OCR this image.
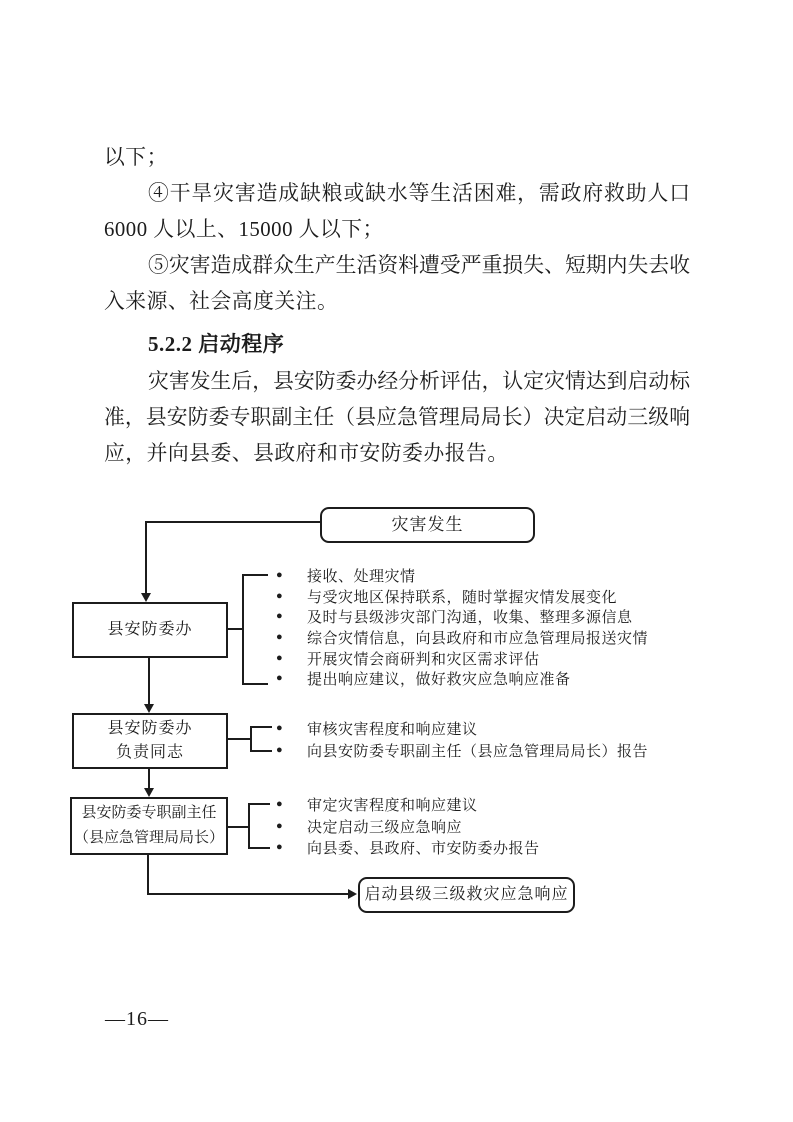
以下；
④干旱灾害造成缺粮或缺水等生活困难，需政府救助人口
6000 人以上、15000 人以下；
⑤灾害造成群众生产生活资料遭受严重损失、短期内失去收
入来源、社会高度关注。
5.2.2 启动程序
灾害发生后，县安防委办经分析评估，认定灾情达到启动标
准，县安防委专职副主任（县应急管理局局长）决定启动三级响
应，并向县委、县政府和市安防委办报告。
灾害发生
县安防委办
县安防委办
负责同志
县安防委专职副主任
（县应急管理局局长）
启动县级三级救灾应急响应
●	接收、处理灾情
●	与受灾地区保持联系，随时掌握灾情发展变化
●	及时与县级涉灾部门沟通，收集、整理多源信息
●	综合灾情信息，向县政府和市应急管理局报送灾情
●	开展灾情会商研判和灾区需求评估
●	提出响应建议，做好救灾应急响应准备
●	审核灾害程度和响应建议
●	向县安防委专职副主任（县应急管理局局长）报告
●	审定灾害程度和响应建议
●	决定启动三级应急响应
●	向县委、县政府、市安防委办报告
—16—
